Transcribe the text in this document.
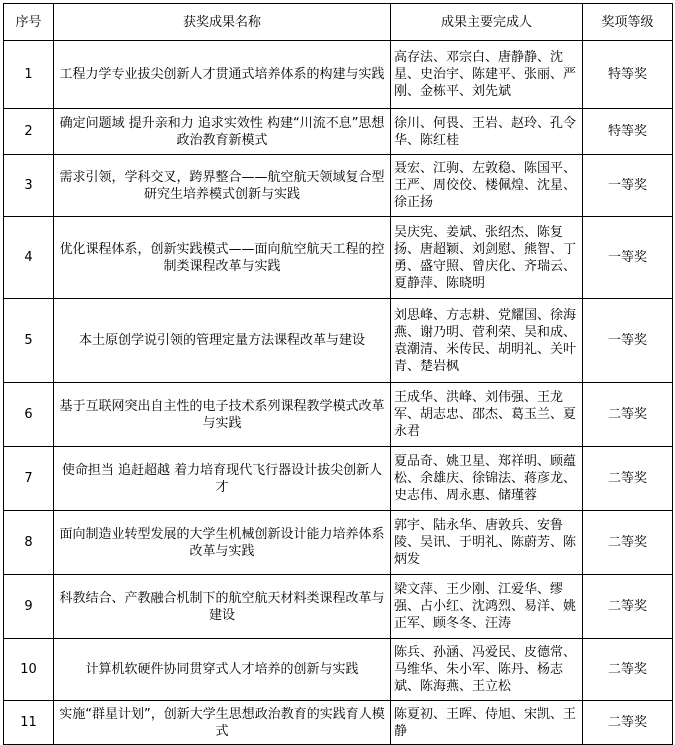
序号	获奖成果名称	成果主要完成人	奖项等级
1	工程力学专业拔尖创新人才贯通式培养体系的构建与实践	高存法、邓宗白、唐静静、沈星、史治宇、陈建平、张丽、严刚、金栋平、刘先斌	特等奖
2	确定问题域 提升亲和力 追求实效性 构建“川流不息”思想政治教育新模式	徐川、何畏、王岩、赵玲、孔令华、陈红桂	特等奖
3	需求引领，学科交叉，跨界整合——航空航天领域复合型研究生培养模式创新与实践	聂宏、江驹、左敦稳、陈国平、王严、周佼佼、楼佩煌、沈星、徐正扬	一等奖
4	优化课程体系，创新实践模式——面向航空航天工程的控制类课程改革与实践	吴庆宪、姜斌、张绍杰、陈复扬、唐超颖、刘剑慰、熊智、丁勇、盛守照、曾庆化、齐瑞云、夏静萍、陈晓明	一等奖
5	本土原创学说引领的管理定量方法课程改革与建设	刘思峰、方志耕、党耀国、徐海燕、谢乃明、菅利荣、吴和成、袁潮清、米传民、胡明礼、关叶青、楚岩枫	一等奖
6	基于互联网突出自主性的电子技术系列课程教学模式改革与实践	王成华、洪峰、刘伟强、王龙军、胡志忠、邵杰、葛玉兰、夏永君	二等奖
7	使命担当 追赶超越 着力培育现代飞行器设计拔尖创新人才	夏品奇、姚卫星、郑祥明、顾蕴松、余雄庆、徐锦法、蒋彦龙、史志伟、周永惠、储瑾蓉	二等奖
8	面向制造业转型发展的大学生机械创新设计能力培养体系改革与实践	郭宇、陆永华、唐敦兵、安鲁陵、吴讯、于明礼、陈蔚芳、陈炳发	二等奖
9	科教结合、产教融合机制下的航空航天材料类课程改革与建设	梁文萍、王少刚、江爱华、缪强、占小红、沈鸿烈、易洋、姚正军、顾冬冬、汪涛	二等奖
10	计算机软硬件协同贯穿式人才培养的创新与实践	陈兵、孙涵、冯爱民、皮德常、马维华、朱小军、陈丹、杨志斌、陈海燕、王立松	二等奖
11	实施“群星计划”，创新大学生思想政治教育的实践育人模式	陈夏初、王晖、侍旭、宋凯、王静	二等奖
